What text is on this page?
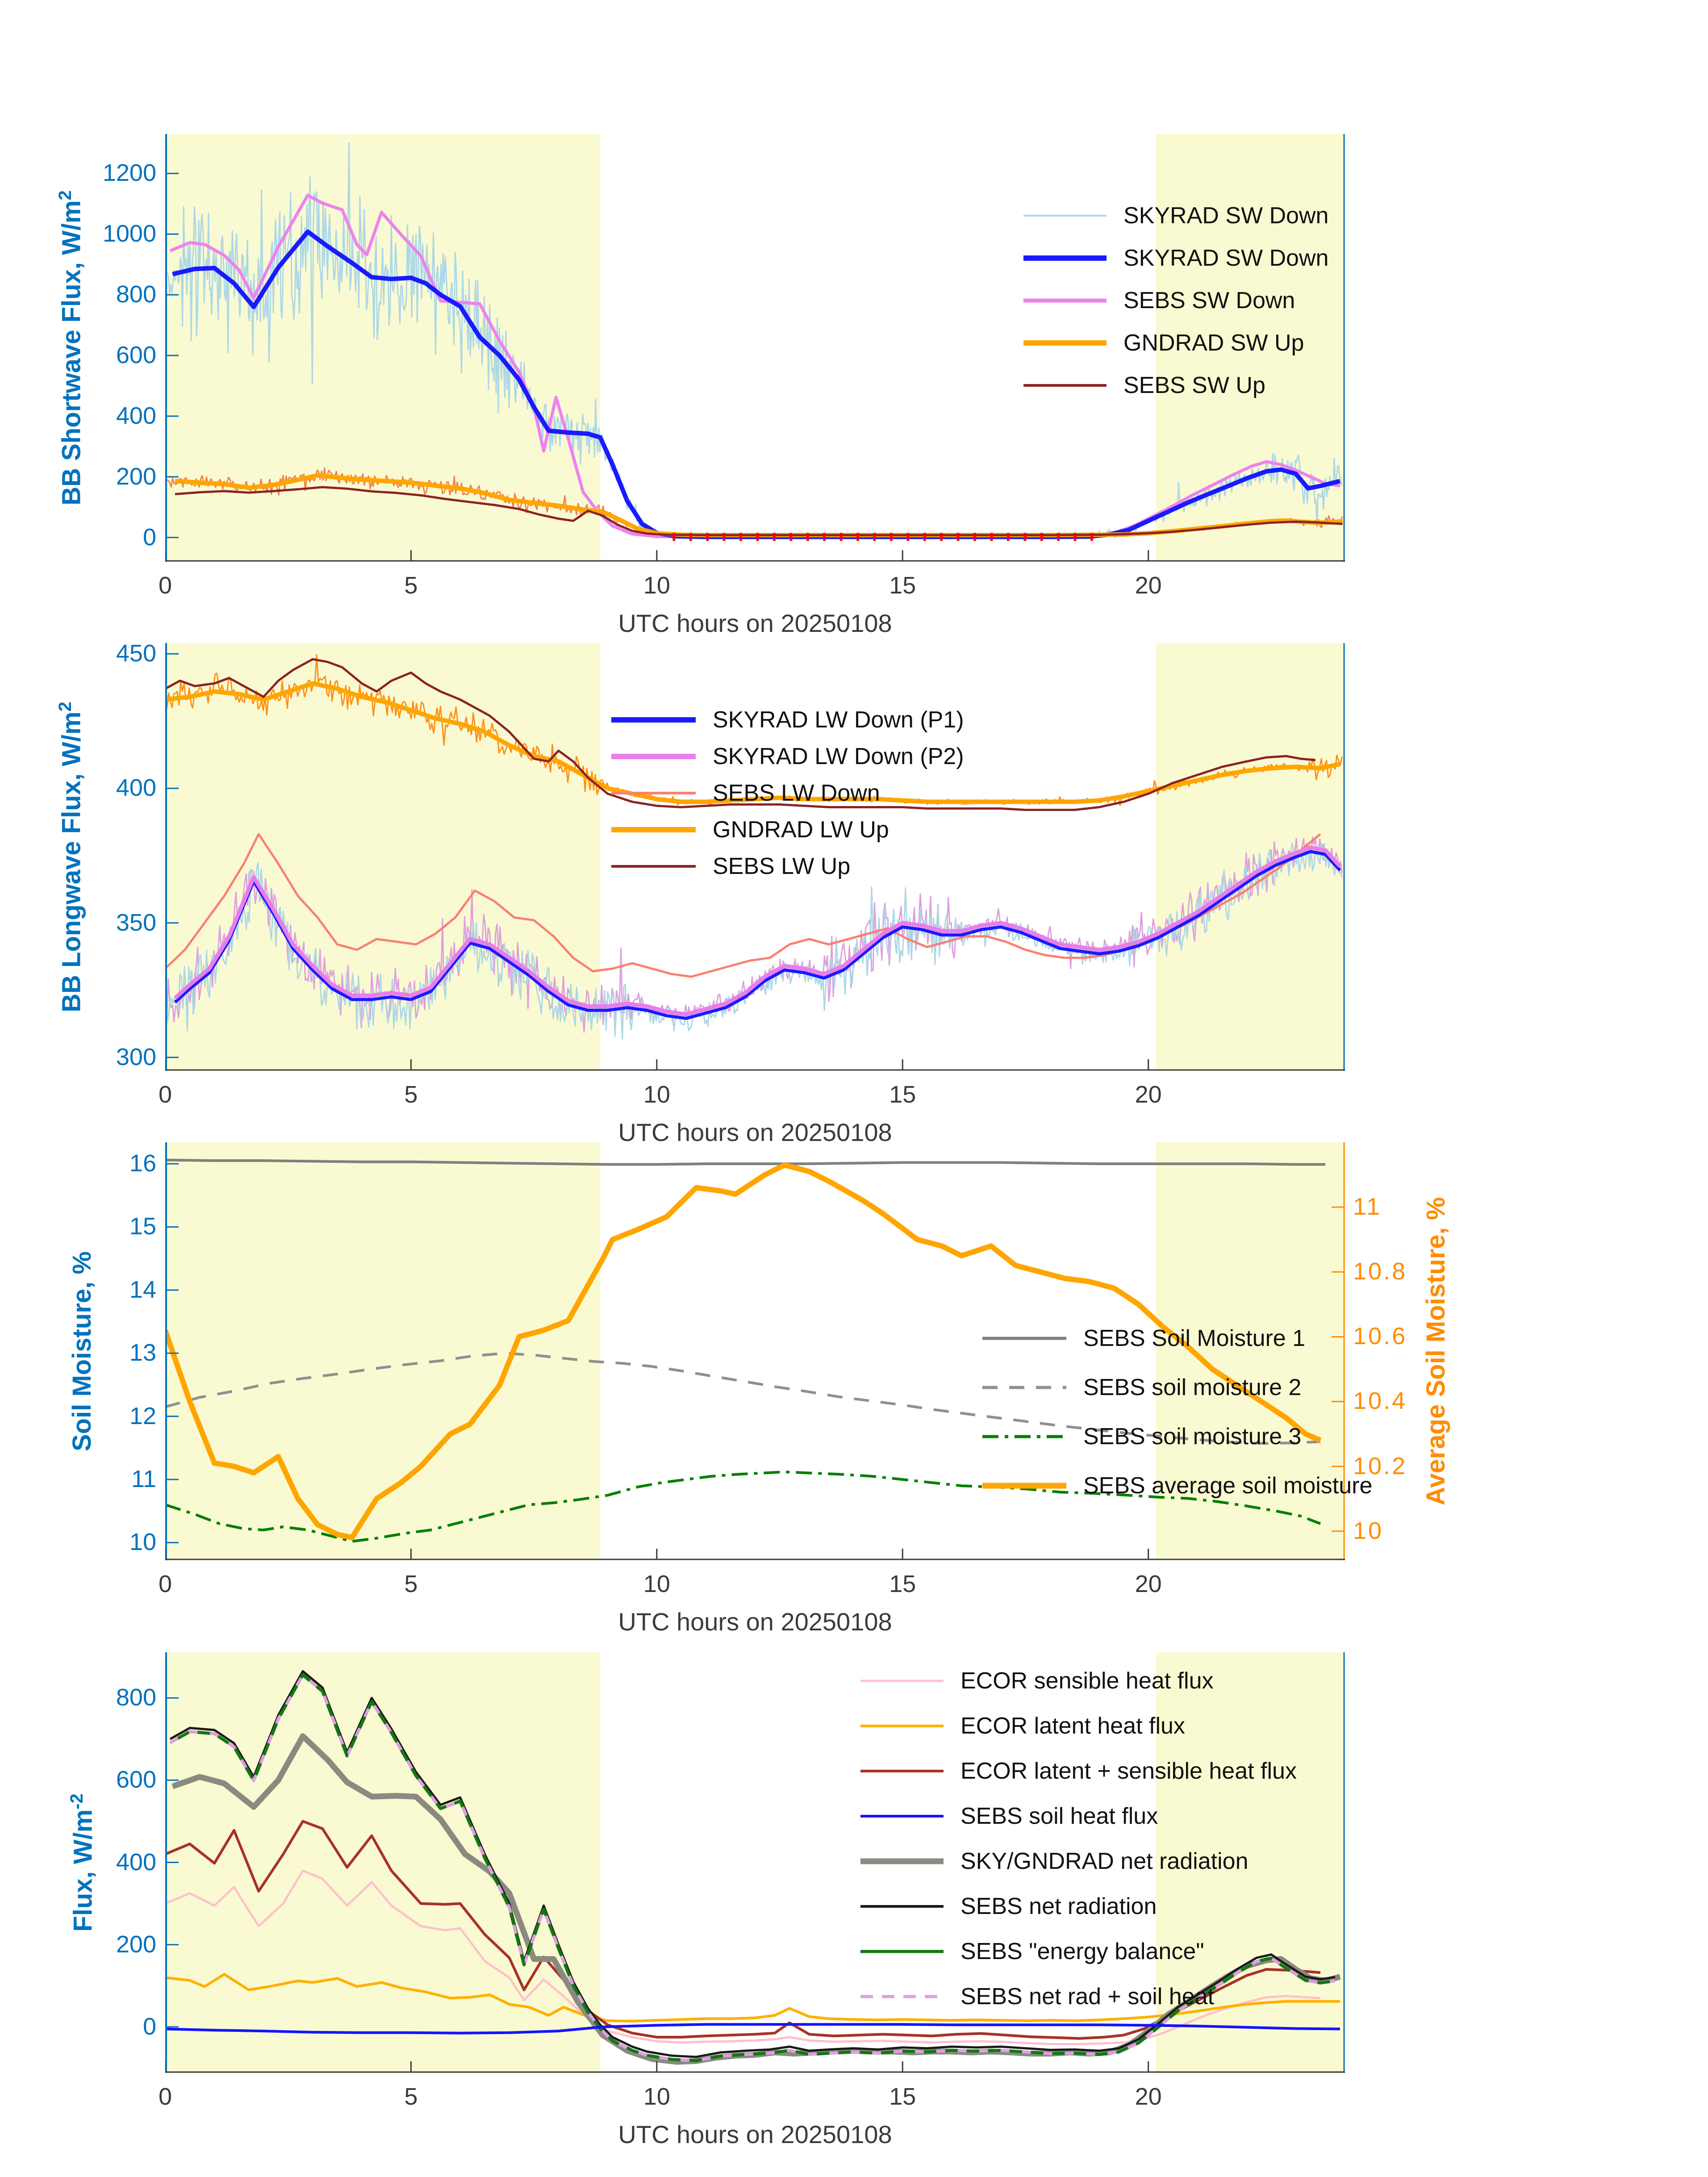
BB Shortwave Flux, $W/m^2$
UTC hours on 20250108
SKYRAD SW Down
SKYRAD SW Down
SEBS SW Down
GNDRAD SW Up
SEBS SW Up
0	5	10	15	20
0
200
400
600
800
1000
1200
BB Longwave Flux, $W/m^2$
UTC hours on 20250108
SKYRAD LW Down (P1)
SKYRAD LW Down (P2)
SEBS LW Down
GNDRAD LW Up
SEBS LW Up
0	5	10	15	20
300
350
400
450
Soil Moisture, %	Average Soil Moisture, %
UTC hours on 20250108
SEBS Soil Moisture 1
SEBS soil moisture 2
SEBS soil moisture 3
SEBS average soil moisture
0	5	10	15	20
10
11
12
13
14
15
16
10
10.2
10.4
10.6
10.8
11
Flux, $W/m^{-2}$
UTC hours on 20250108
ECOR sensible heat flux
ECOR latent heat flux
ECOR latent + sensible heat flux
SEBS soil heat flux
SKY/GNDRAD net radiation
SEBS net radiation
SEBS "energy balance"
SEBS net rad + soil heat
0	5	10	15	20
0
200
400
600
800
